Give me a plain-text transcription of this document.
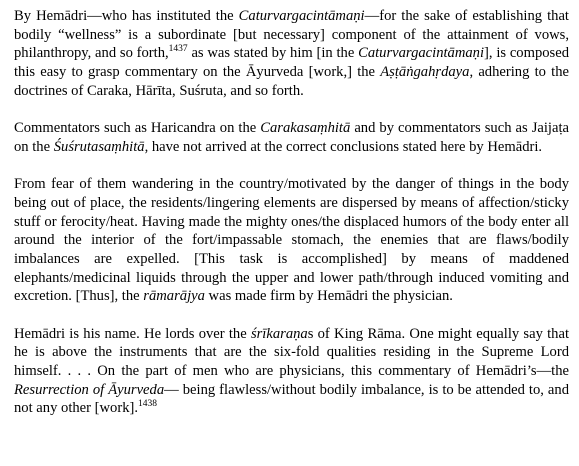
By Hemādri—who has instituted the Caturvargacintāmaṇi—for the sake of establishing that bodily “wellness” is a subordinate [but necessary] component of the attainment of vows, philanthropy, and so forth,$^{1437}$ as was stated by him [in the Caturvargacintāmaṇi], is composed this easy to grasp commentary on the Āyurveda [work,] the Aṣṭāṅgahṛdaya, adhering to the doctrines of Caraka, Hārīta, Suśruta, and so forth.

Commentators such as Haricandra on the Carakasaṃhitā and by commentators such as Jaijaṭa on the Śuśrutasaṃhitā, have not arrived at the correct conclusions stated here by Hemādri.

From fear of them wandering in the country/motivated by the danger of things in the body being out of place, the residents/lingering elements are dispersed by means of affection/sticky stuff or ferocity/heat. Having made the mighty ones/the displaced humors of the body enter all around the interior of the fort/impassable stomach, the enemies that are flaws/bodily imbalances are expelled. [This task is accomplished] by means of maddened elephants/medicinal liquids through the upper and lower path/through induced vomiting and excretion. [Thus], the rāmarājya was made firm by Hemādri the physician.

Hemādri is his name. He lords over the śrīkaraṇas of King Rāma. One might equally say that he is above the instruments that are the six-fold qualities residing in the Supreme Lord himself. . . . On the part of men who are physicians, this commentary of Hemādri’s—the Resurrection of Āyurveda— being flawless/without bodily imbalance, is to be attended to, and not any other [work].$^{1438}$
